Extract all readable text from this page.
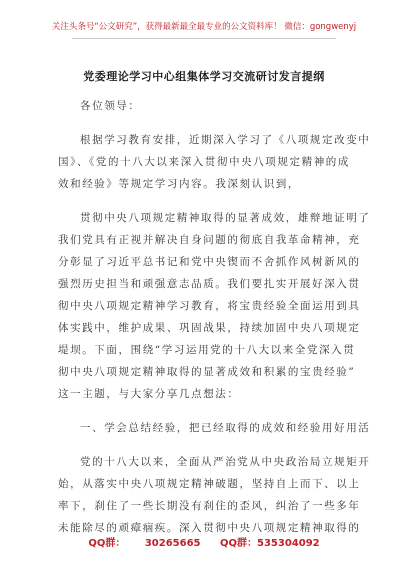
关注头条号“公文研究”，获得最新最全最专业的公文资料库！ 微信：gongwenyj
党委理论学习中心组集体学习交流研讨发言提纲
各位领导：
根据学习教育安排，近期深入学习了《八项规定改变中
国》、《党的十八大以来深入贯彻中央八项规定精神的成
效和经验》等规定学习内容。我深刻认识到，
贯彻中央八项规定精神取得的显著成效，雄辩地证明了
我们党具有正视并解决自身问题的彻底自我革命精神，充
分彰显了习近平总书记和党中央锲而不舍抓作风树新风的
强烈历史担当和顽强意志品质。我们要扎实开展好深入贯
彻中央八项规定精神学习教育，将宝贵经验全面运用到具
体实践中，维护成果、巩固战果，持续加固中央八项规定
堤坝。下面，围绕“学习运用党的十八大以来全党深入贯
彻中央八项规定精神取得的显著成效和积累的宝贵经验”
这一主题，与大家分享几点想法：
一、学会总结经验，把已经取得的成效和经验用好用活
党的十八大以来，全面从严治党从中央政治局立规矩开
始，从落实中央八项规定精神破题，坚持自上而下、以上
率下，刹住了一些长期没有刹住的歪风，纠治了一些多年
未能除尽的顽瘴痼疾。深入贯彻中央八项规定精神取得的
QQ群： 30265665 QQ群：535304092
